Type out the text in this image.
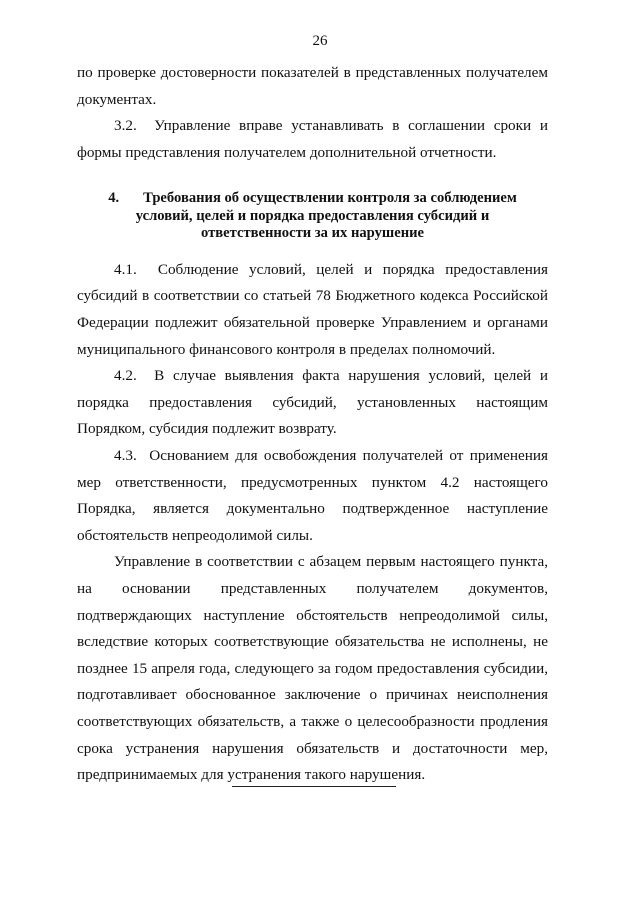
26

по проверке достоверности показателей в представленных получателем документах.

3.2.  Управление вправе устанавливать в соглашении сроки и формы представления получателем дополнительной отчетности.

4. Требования об осуществлении контроля за соблюдением
условий, целей и порядка предоставления субсидий и
ответственности за их нарушение

4.1.  Соблюдение условий, целей и порядка предоставления субсидий в соответствии со статьей 78 Бюджетного кодекса Российской Федерации подлежит обязательной проверке Управлением и органами муниципального финансового контроля в пределах полномочий.

4.2.  В случае выявления факта нарушения условий, целей и порядка предоставления субсидий, установленных настоящим Порядком, субсидия подлежит возврату.

4.3.  Основанием для освобождения получателей от применения мер ответственности, предусмотренных пунктом 4.2 настоящего Порядка, является документально подтвержденное наступление обстоятельств непреодолимой силы.

Управление в соответствии с абзацем первым настоящего пункта, на основании представленных получателем документов, подтверждающих наступление обстоятельств непреодолимой силы, вследствие которых соответствующие обязательства не исполнены, не позднее 15 апреля года, следующего за годом предоставления субсидии, подготавливает обоснованное заключение о причинах неисполнения соответствующих обязательств, а также о целесообразности продления срока устранения нарушения обязательств и достаточности мер, предпринимаемых для устранения такого нарушения.
